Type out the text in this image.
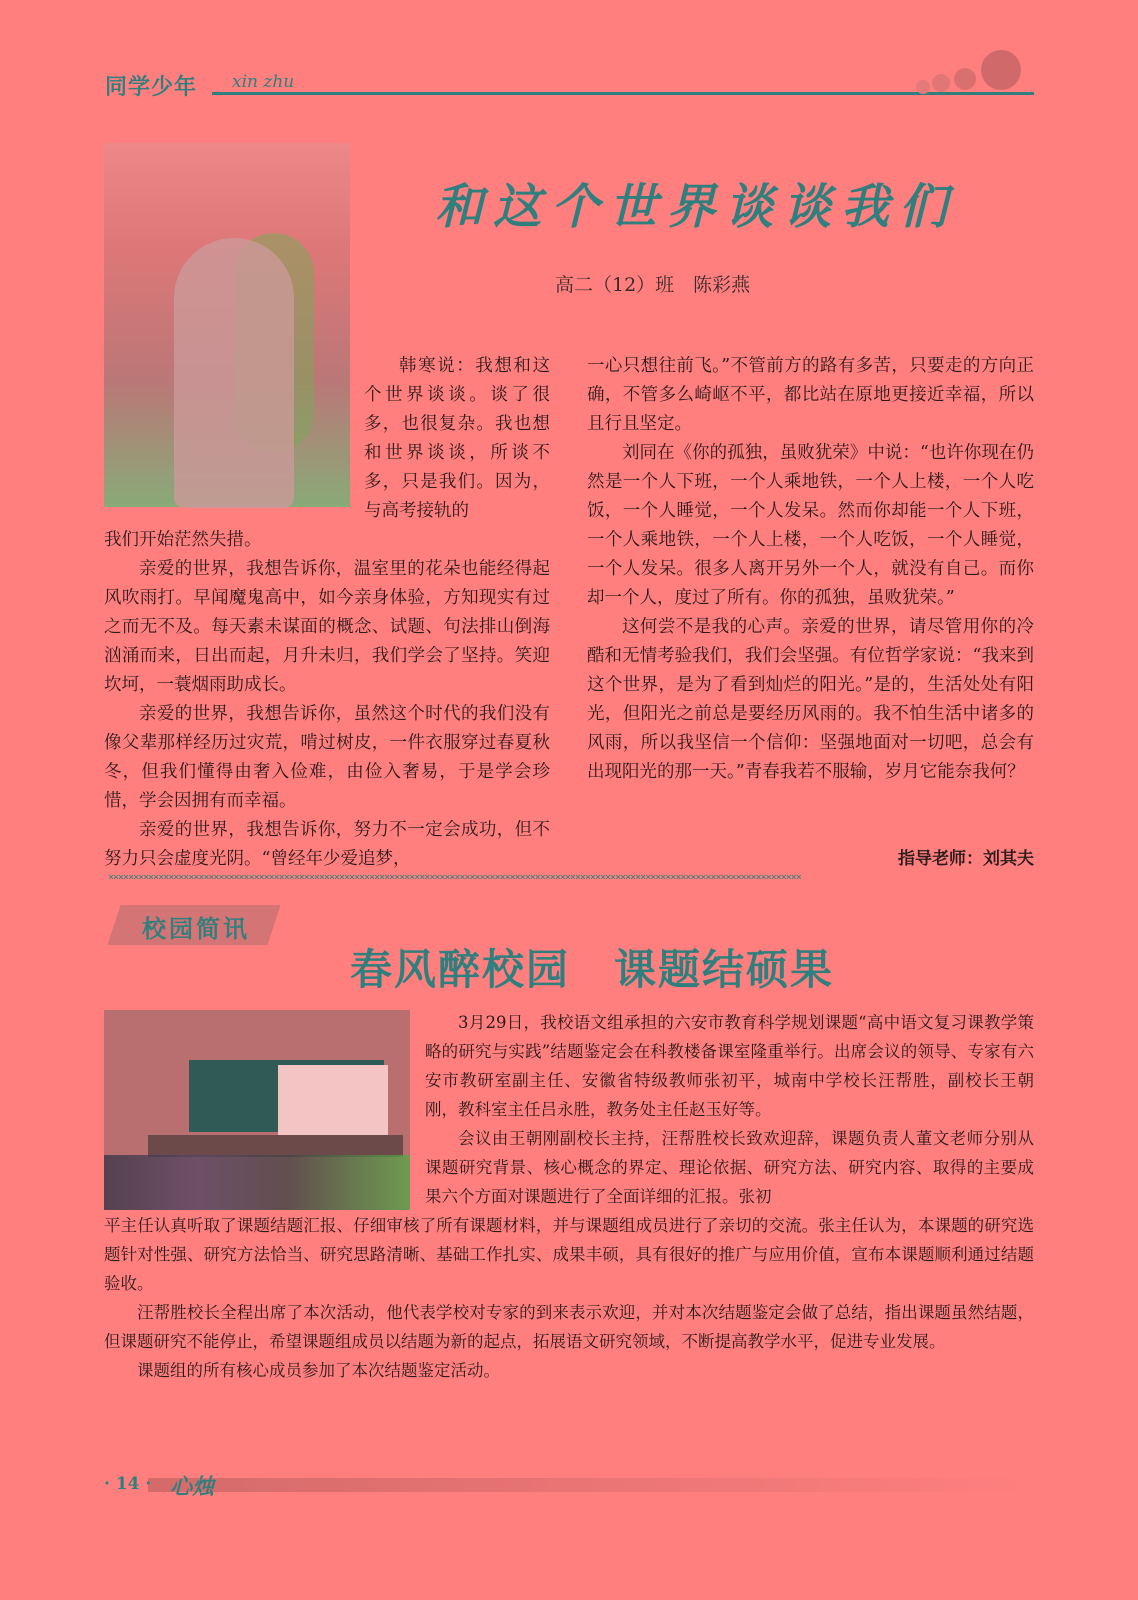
同学少年 xin zhu
和这个世界谈谈我们
高二（12）班　陈彩燕

韩寒说：我想和这个世界谈谈。谈了很多，也很复杂。我也想和世界谈谈，所谈不多，只是我们。因为，与高考接轨的

我们开始茫然失措。

亲爱的世界，我想告诉你，温室里的花朵也能经得起风吹雨打。早闻魔鬼高中，如今亲身体验，方知现实有过之而无不及。每天素未谋面的概念、试题、句法排山倒海汹涌而来，日出而起，月升未归，我们学会了坚持。笑迎坎坷，一蓑烟雨助成长。

亲爱的世界，我想告诉你，虽然这个时代的我们没有像父辈那样经历过灾荒，啃过树皮，一件衣服穿过春夏秋冬，但我们懂得由奢入俭难，由俭入奢易，于是学会珍惜，学会因拥有而幸福。

亲爱的世界，我想告诉你，努力不一定会成功，但不努力只会虚度光阴。“曾经年少爱追梦，

一心只想往前飞。”不管前方的路有多苦，只要走的方向正确，不管多么崎岖不平，都比站在原地更接近幸福，所以且行且坚定。

刘同在《你的孤独，虽败犹荣》中说：“也许你现在仍然是一个人下班，一个人乘地铁，一个人上楼，一个人吃饭，一个人睡觉，一个人发呆。然而你却能一个人下班，一个人乘地铁，一个人上楼，一个人吃饭，一个人睡觉，一个人发呆。很多人离开另外一个人，就没有自己。而你却一个人，度过了所有。你的孤独，虽败犹荣。”

这何尝不是我的心声。亲爱的世界，请尽管用你的冷酷和无情考验我们，我们会坚强。有位哲学家说：“我来到这个世界，是为了看到灿烂的阳光。”是的，生活处处有阳光，但阳光之前总是要经历风雨的。我不怕生活中诸多的风雨，所以我坚信一个信仰：坚强地面对一切吧，总会有出现阳光的那一天。”青春我若不服输，岁月它能奈我何？

指导老师：刘其夫
××××××××××××××××××××××××××××××××××××××××××××××××××××××××××××××××××××××××××××××××××××××××××××××××××××××××××××××××××××××××××××××××××××××××××
校园简讯
春风醉校园　课题结硕果

3月29日，我校语文组承担的六安市教育科学规划课题“高中语文复习课教学策略的研究与实践”结题鉴定会在科教楼备课室隆重举行。出席会议的领导、专家有六安市教研室副主任、安徽省特级教师张初平，城南中学校长汪帮胜，副校长王朝刚，教科室主任吕永胜，教务处主任赵玉好等。

会议由王朝刚副校长主持，汪帮胜校长致欢迎辞，课题负责人董文老师分别从课题研究背景、核心概念的界定、理论依据、研究方法、研究内容、取得的主要成果六个方面对课题进行了全面详细的汇报。张初

平主任认真听取了课题结题汇报、仔细审核了所有课题材料，并与课题组成员进行了亲切的交流。张主任认为，本课题的研究选题针对性强、研究方法恰当、研究思路清晰、基础工作扎实、成果丰硕，具有很好的推广与应用价值，宣布本课题顺利通过结题验收。

汪帮胜校长全程出席了本次活动，他代表学校对专家的到来表示欢迎，并对本次结题鉴定会做了总结，指出课题虽然结题，但课题研究不能停止，希望课题组成员以结题为新的起点，拓展语文研究领域，不断提高教学水平，促进专业发展。

课题组的所有核心成员参加了本次结题鉴定活动。

· 14 · 心烛
